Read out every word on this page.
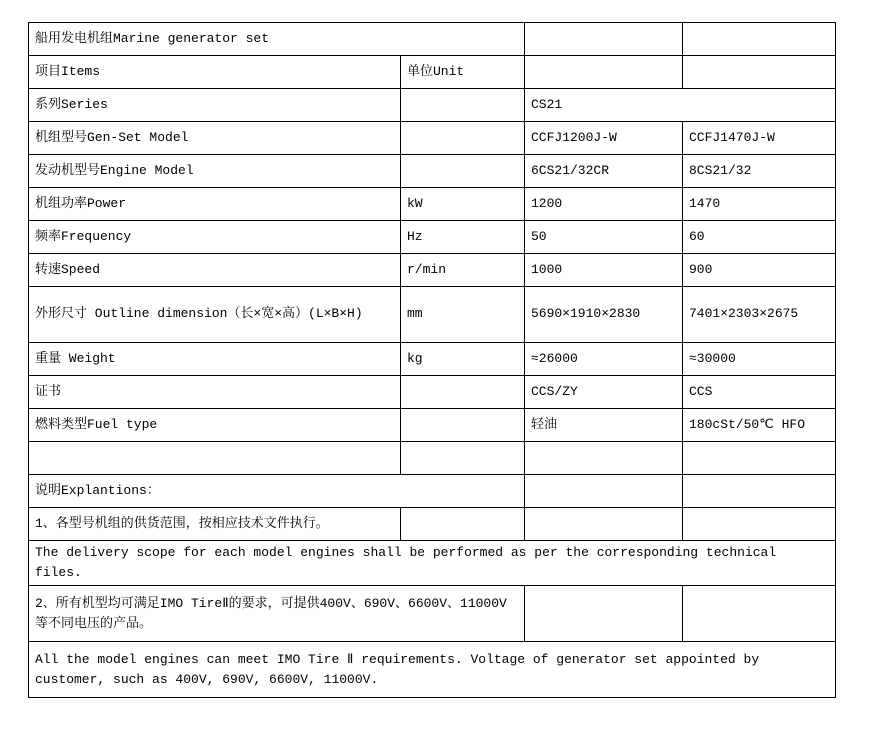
船用发电机组Marine generator set			
项目Items	单位Unit		
系列Series		CS21	
机组型号Gen-Set Model		CCFJ1200J-W	CCFJ1470J-W
发动机型号Engine Model		6CS21/32CR	8CS21/32
机组功率Power	kW	1200	1470
频率Frequency	Hz	50	60
转速Speed	r/min	1000	900
外形尺寸 Outline dimension（长×宽×高）(L×B×H)	mm	5690×1910×2830	7401×2303×2675
重量 Weight	kg	≈26000	≈30000
证书		CCS/ZY	CCS
燃料类型Fuel type		轻油	180cSt/50℃ HFO

说明Explantions：			
1、各型号机组的供货范围，按相应技术文件执行。			
The delivery scope for each model engines shall be performed as per the corresponding technical files.			
2、所有机型均可满足IMO TireⅡ的要求，可提供400V、690V、6600V、11000V等不同电压的产品。			
All the model engines can meet IMO Tire Ⅱ requirements. Voltage of generator set appointed by customer, such as 400V, 690V, 6600V, 11000V.			
